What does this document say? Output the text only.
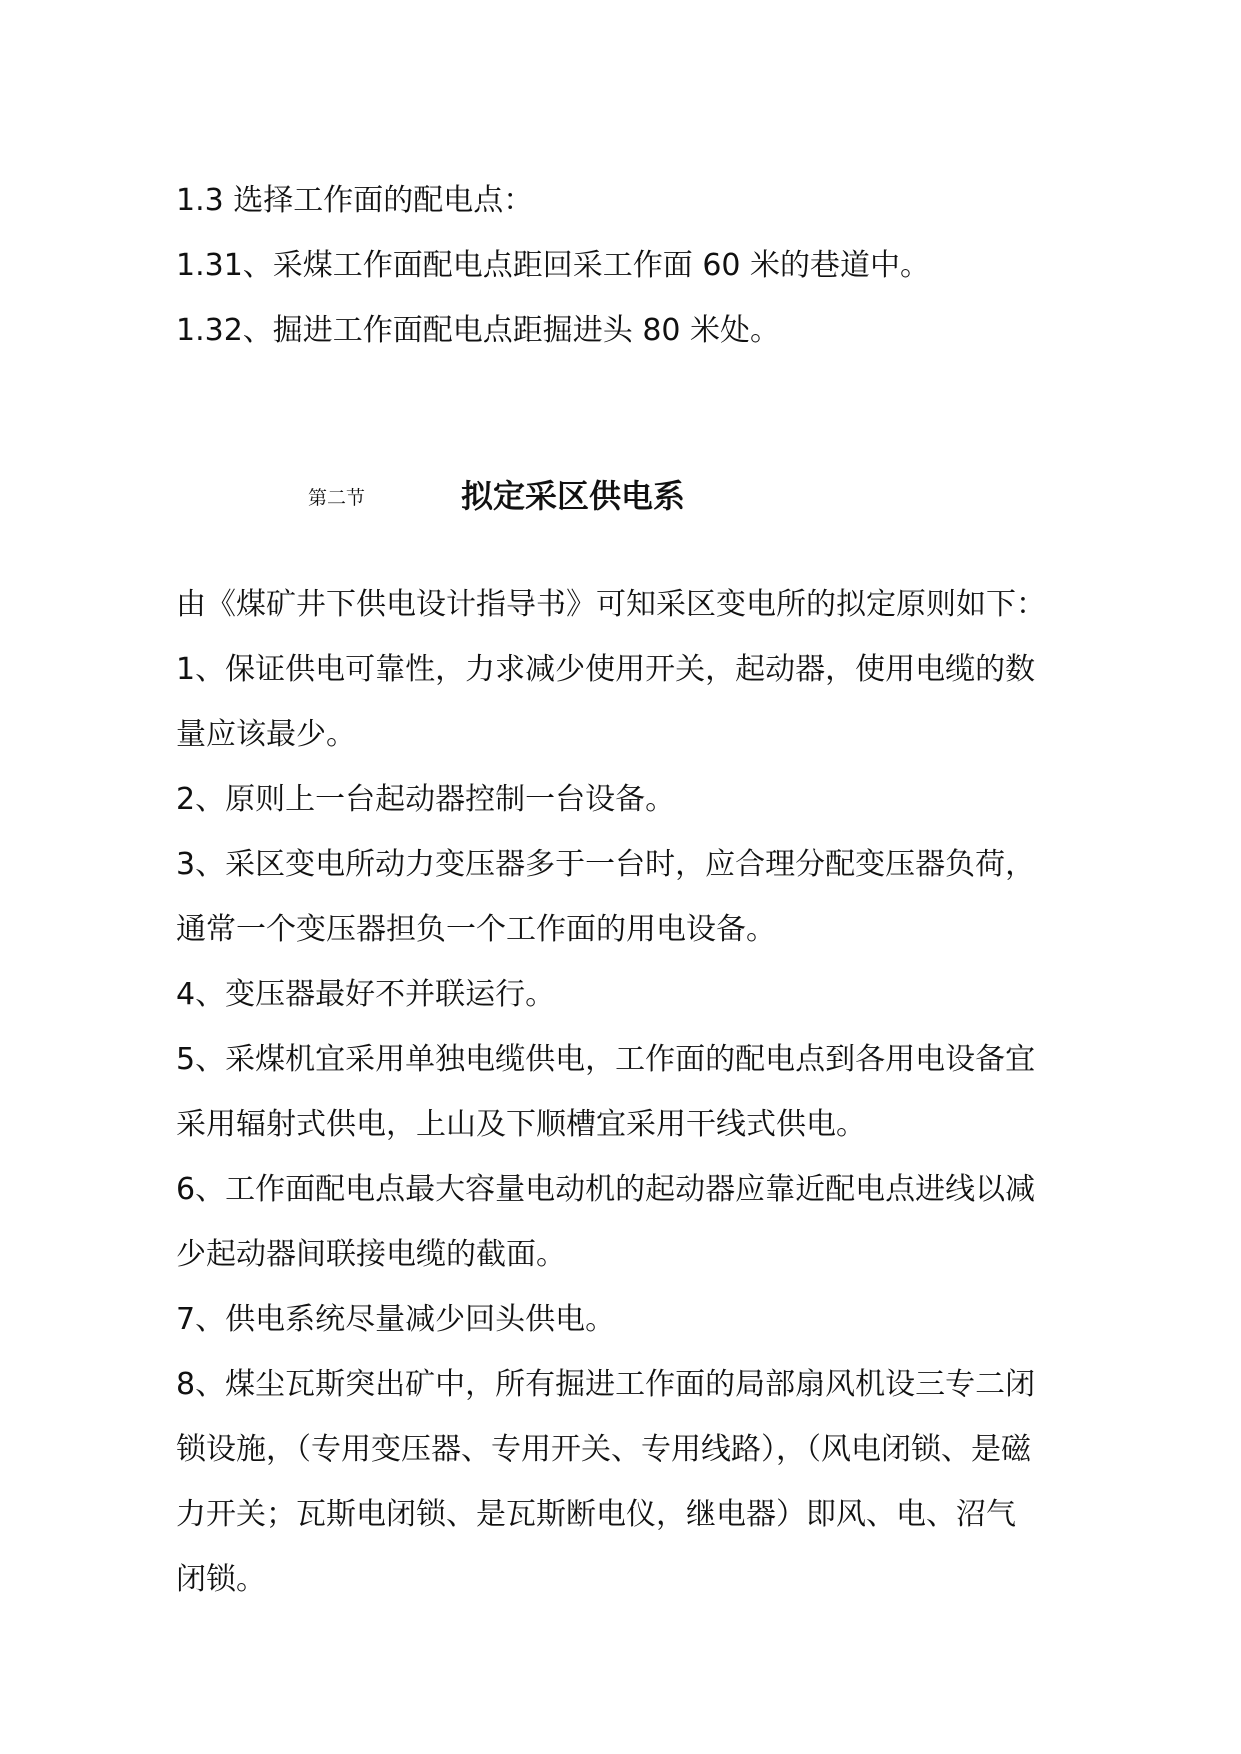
1.3 选择工作面的配电点：
1.31、采煤工作面配电点距回采工作面 60 米的巷道中。
1.32、掘进工作面配电点距掘进头 80 米处。
第二节	拟定采区供电系
由《煤矿井下供电设计指导书》可知采区变电所的拟定原则如下：
1、保证供电可靠性，力求减少使用开关，起动器，使用电缆的数
量应该最少。
2、原则上一台起动器控制一台设备。
3、采区变电所动力变压器多于一台时，应合理分配变压器负荷，
通常一个变压器担负一个工作面的用电设备。
4、变压器最好不并联运行。
5、采煤机宜采用单独电缆供电，工作面的配电点到各用电设备宜
采用辐射式供电，上山及下顺槽宜采用干线式供电。
6、工作面配电点最大容量电动机的起动器应靠近配电点进线以减
少起动器间联接电缆的截面。
7、供电系统尽量减少回头供电。
8、煤尘瓦斯突出矿中，所有掘进工作面的局部扇风机设三专二闭
锁设施，（专用变压器、专用开关、专用线路），（风电闭锁、是磁
力开关；瓦斯电闭锁、是瓦斯断电仪，继电器）即风、电、沼气
闭锁。
